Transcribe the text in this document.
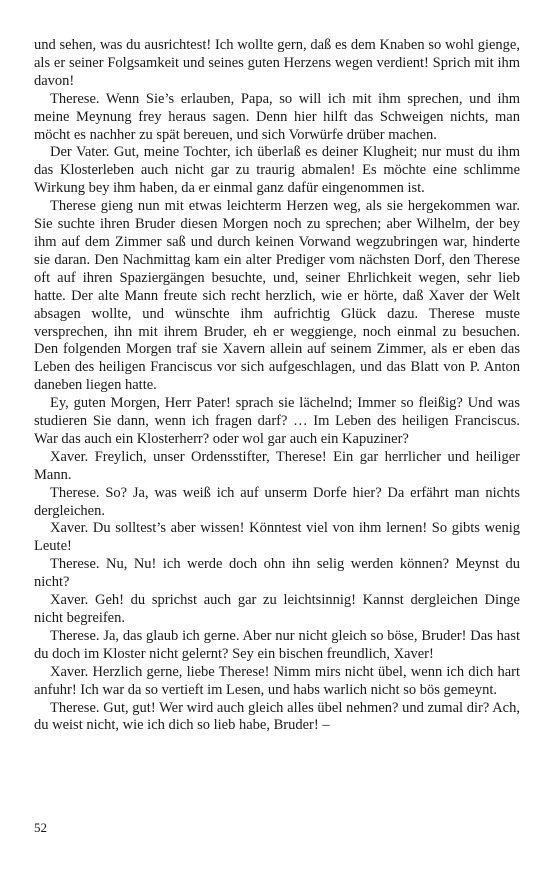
und sehen, was du ausrichtest! Ich wollte gern, daß es dem Knaben so wohl gienge, als er seiner Folgsamkeit und seines guten Herzens wegen verdient! Sprich mit ihm davon!

Therese. Wenn Sie’s erlauben, Papa, so will ich mit ihm sprechen, und ihm meine Meynung frey heraus sagen. Denn hier hilft das Schweigen nichts, man möcht es nachher zu spät bereuen, und sich Vorwürfe drüber machen.

Der Vater. Gut, meine Tochter, ich überlaß es deiner Klugheit; nur must du ihm das Klosterleben auch nicht gar zu traurig abmalen! Es möchte eine schlimme Wirkung bey ihm haben, da er einmal ganz dafür eingenommen ist.

Therese gieng nun mit etwas leichterm Herzen weg, als sie hergekommen war. Sie suchte ihren Bruder diesen Morgen noch zu sprechen; aber Wilhelm, der bey ihm auf dem Zimmer saß und durch keinen Vorwand wegzubringen war, hinderte sie daran. Den Nachmittag kam ein alter Prediger vom nächsten Dorf, den Therese oft auf ihren Spaziergängen besuchte, und, seiner Ehrlichkeit wegen, sehr lieb hatte. Der alte Mann freute sich recht herzlich, wie er hörte, daß Xaver der Welt absagen wollte, und wünschte ihm aufrichtig Glück dazu. Therese muste versprechen, ihn mit ihrem Bruder, eh er weggienge, noch einmal zu besuchen. Den folgenden Morgen traf sie Xavern allein auf seinem Zimmer, als er eben das Leben des heiligen Franciscus vor sich aufgeschlagen, und das Blatt von P. Anton daneben liegen hatte.

Ey, guten Morgen, Herr Pater! sprach sie lächelnd; Immer so fleißig? Und was studieren Sie dann, wenn ich fragen darf? … Im Leben des heiligen Franciscus. War das auch ein Klosterherr? oder wol gar auch ein Kapuziner?

Xaver. Freylich, unser Ordensstifter, Therese! Ein gar herrlicher und heiliger Mann.

Therese. So? Ja, was weiß ich auf unserm Dorfe hier? Da erfährt man nichts dergleichen.

Xaver. Du solltest’s aber wissen! Könntest viel von ihm lernen! So gibts wenig Leute!

Therese. Nu, Nu! ich werde doch ohn ihn selig werden können? Meynst du nicht?

Xaver. Geh! du sprichst auch gar zu leichtsinnig! Kannst dergleichen Dinge nicht begreifen.

Therese. Ja, das glaub ich gerne. Aber nur nicht gleich so böse, Bruder! Das hast du doch im Kloster nicht gelernt? Sey ein bischen freundlich, Xaver!

Xaver. Herzlich gerne, liebe Therese! Nimm mirs nicht übel, wenn ich dich hart anfuhr! Ich war da so vertieft im Lesen, und habs warlich nicht so bös gemeynt.

Therese. Gut, gut! Wer wird auch gleich alles übel nehmen? und zumal dir? Ach, du weist nicht, wie ich dich so lieb habe, Bruder! –

52
